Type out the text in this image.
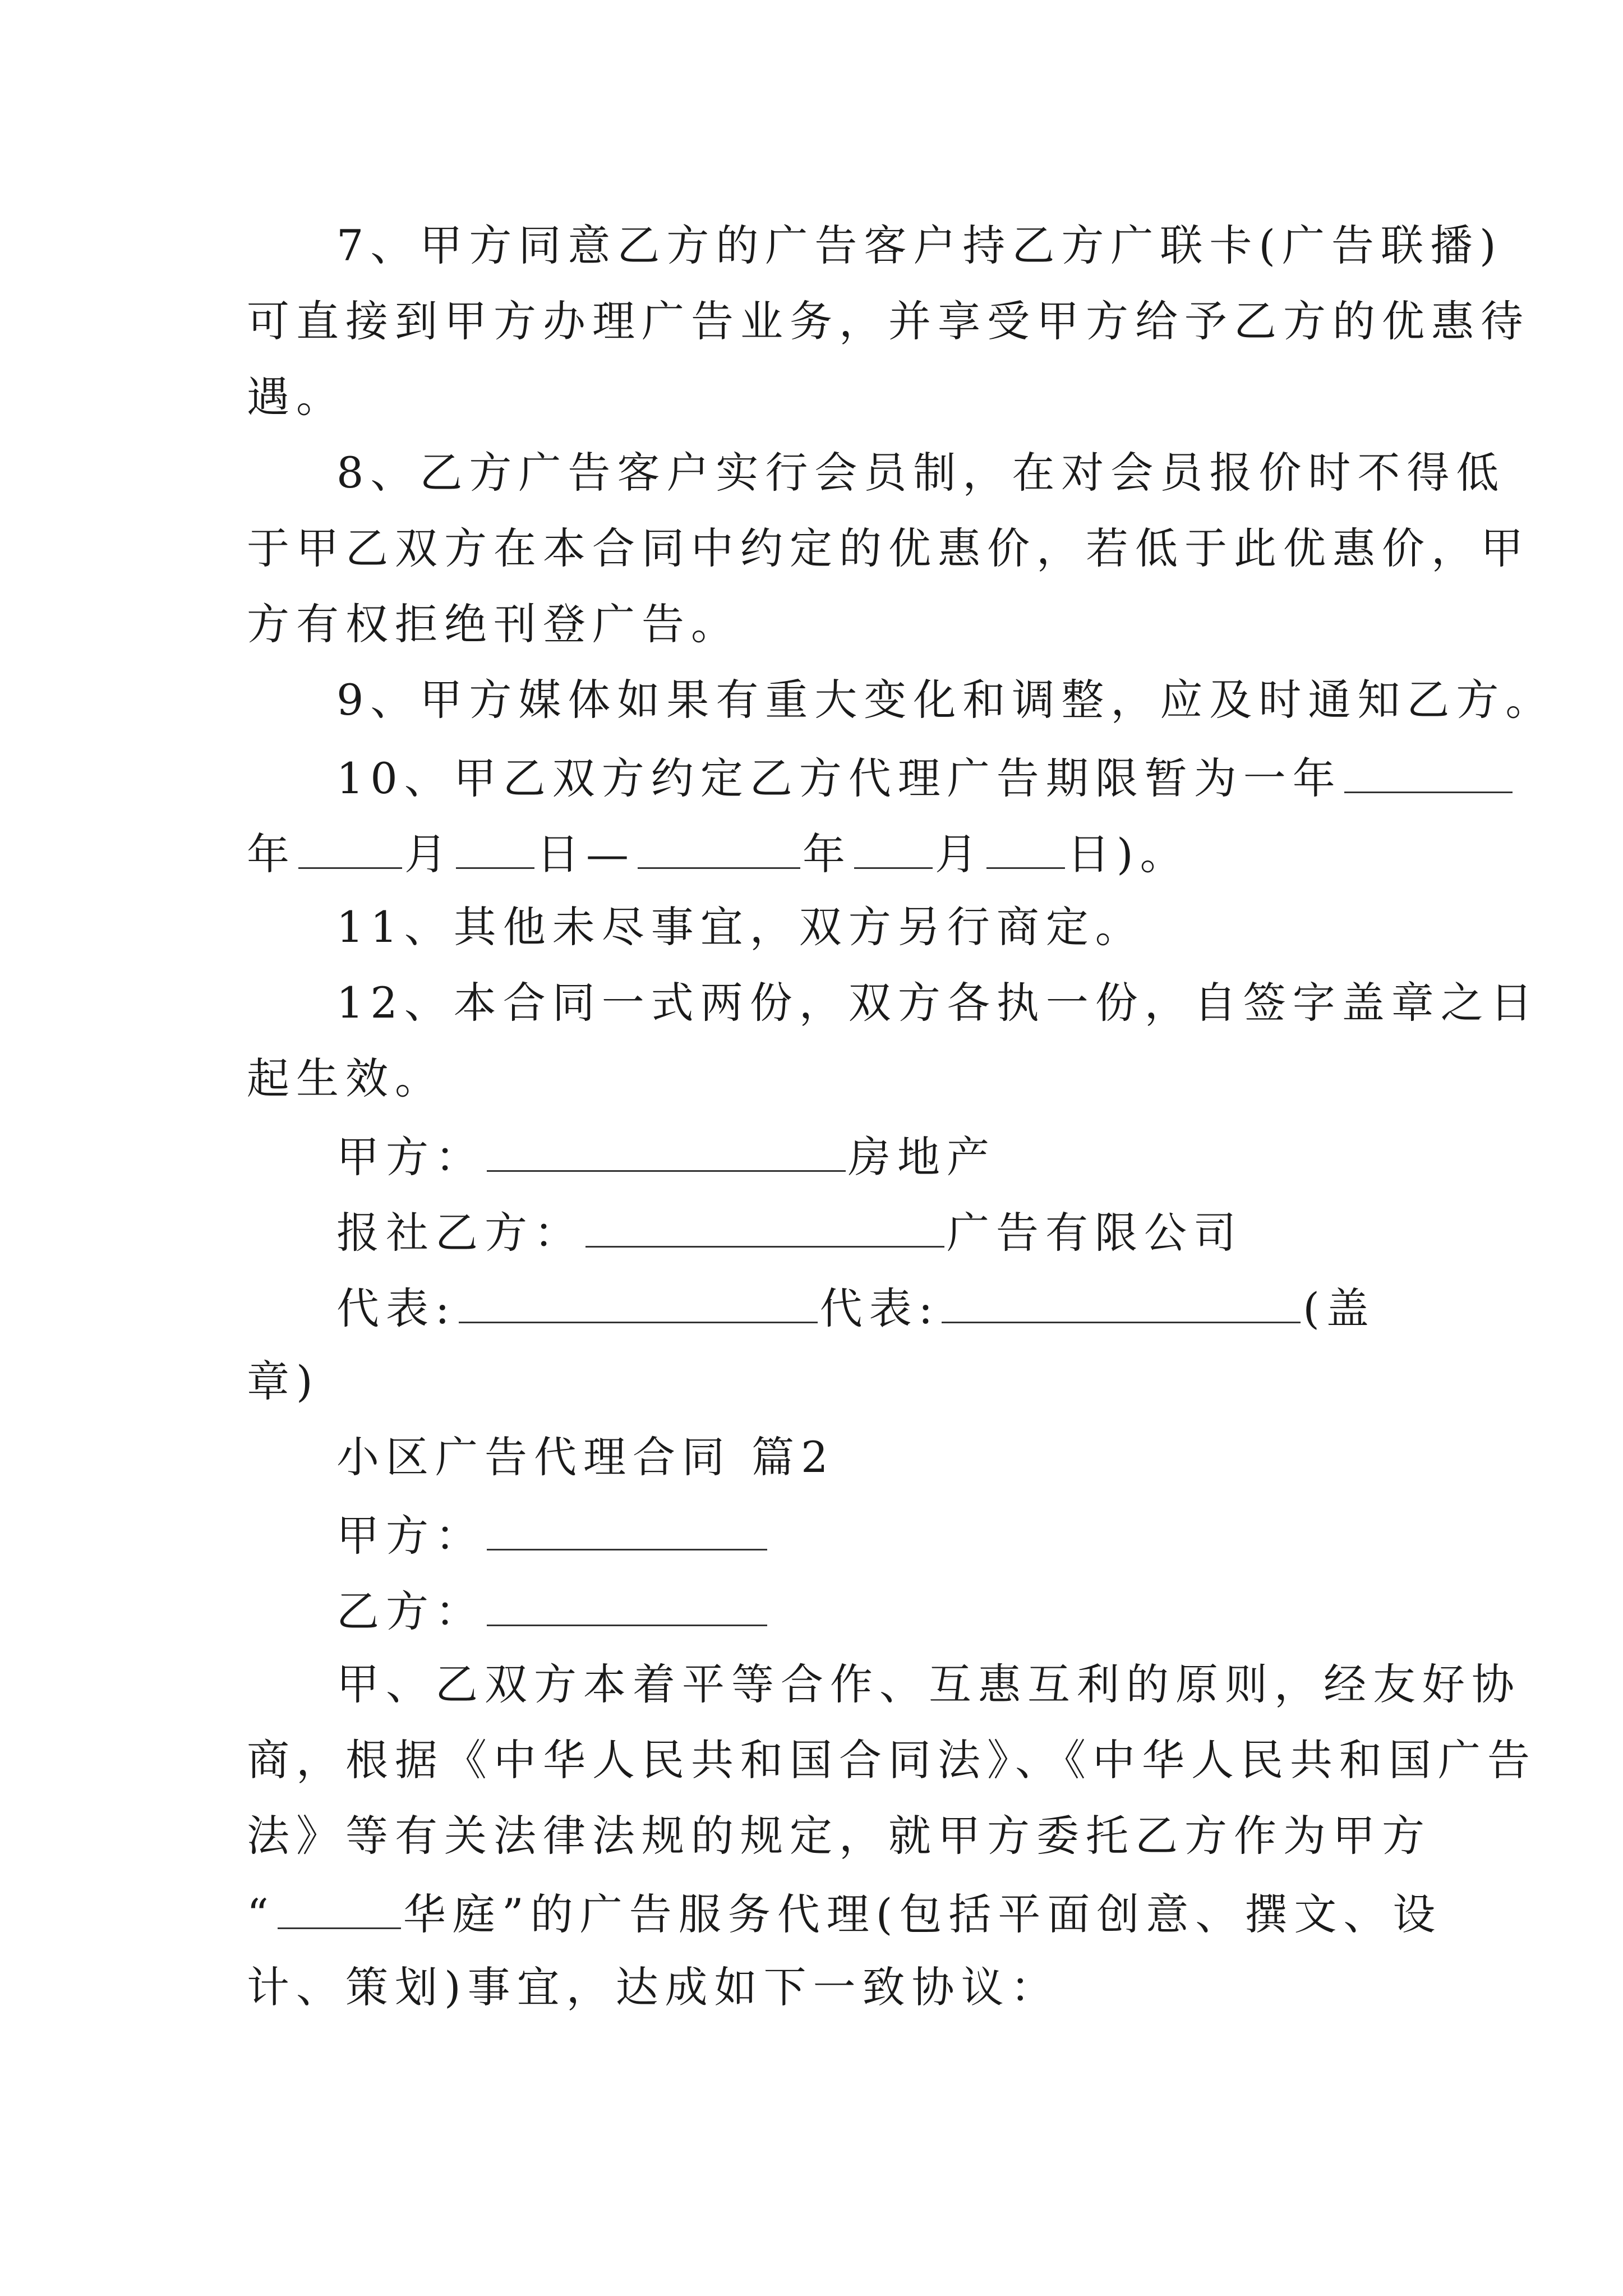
7、甲方同意乙方的广告客户持乙方广联卡(广告联播)
可直接到甲方办理广告业务，并享受甲方给予乙方的优惠待
遇。
8、乙方广告客户实行会员制，在对会员报价时不得低
于甲乙双方在本合同中约定的优惠价，若低于此优惠价，甲
方有权拒绝刊登广告。
9、甲方媒体如果有重大变化和调整，应及时通知乙方。
10、甲乙双方约定乙方代理广告期限暂为一年
年	月 日—	年 月 日)。
11、其他未尽事宜，双方另行商定。
12、本合同一式两份，双方各执一份，自签字盖章之日
起生效。
甲方：	房地产
报社乙方：	广告有限公司
代表:	代表:	(盖
章)
小区广告代理合同 篇2
甲方：
乙方：
甲、乙双方本着平等合作、互惠互利的原则，经友好协
商，根据《中华人民共和国合同法》、《中华人民共和国广告
法》等有关法律法规的规定，就甲方委托乙方作为甲方
“	华庭”的广告服务代理(包括平面创意、撰文、设
计、策划)事宜，达成如下一致协议：
